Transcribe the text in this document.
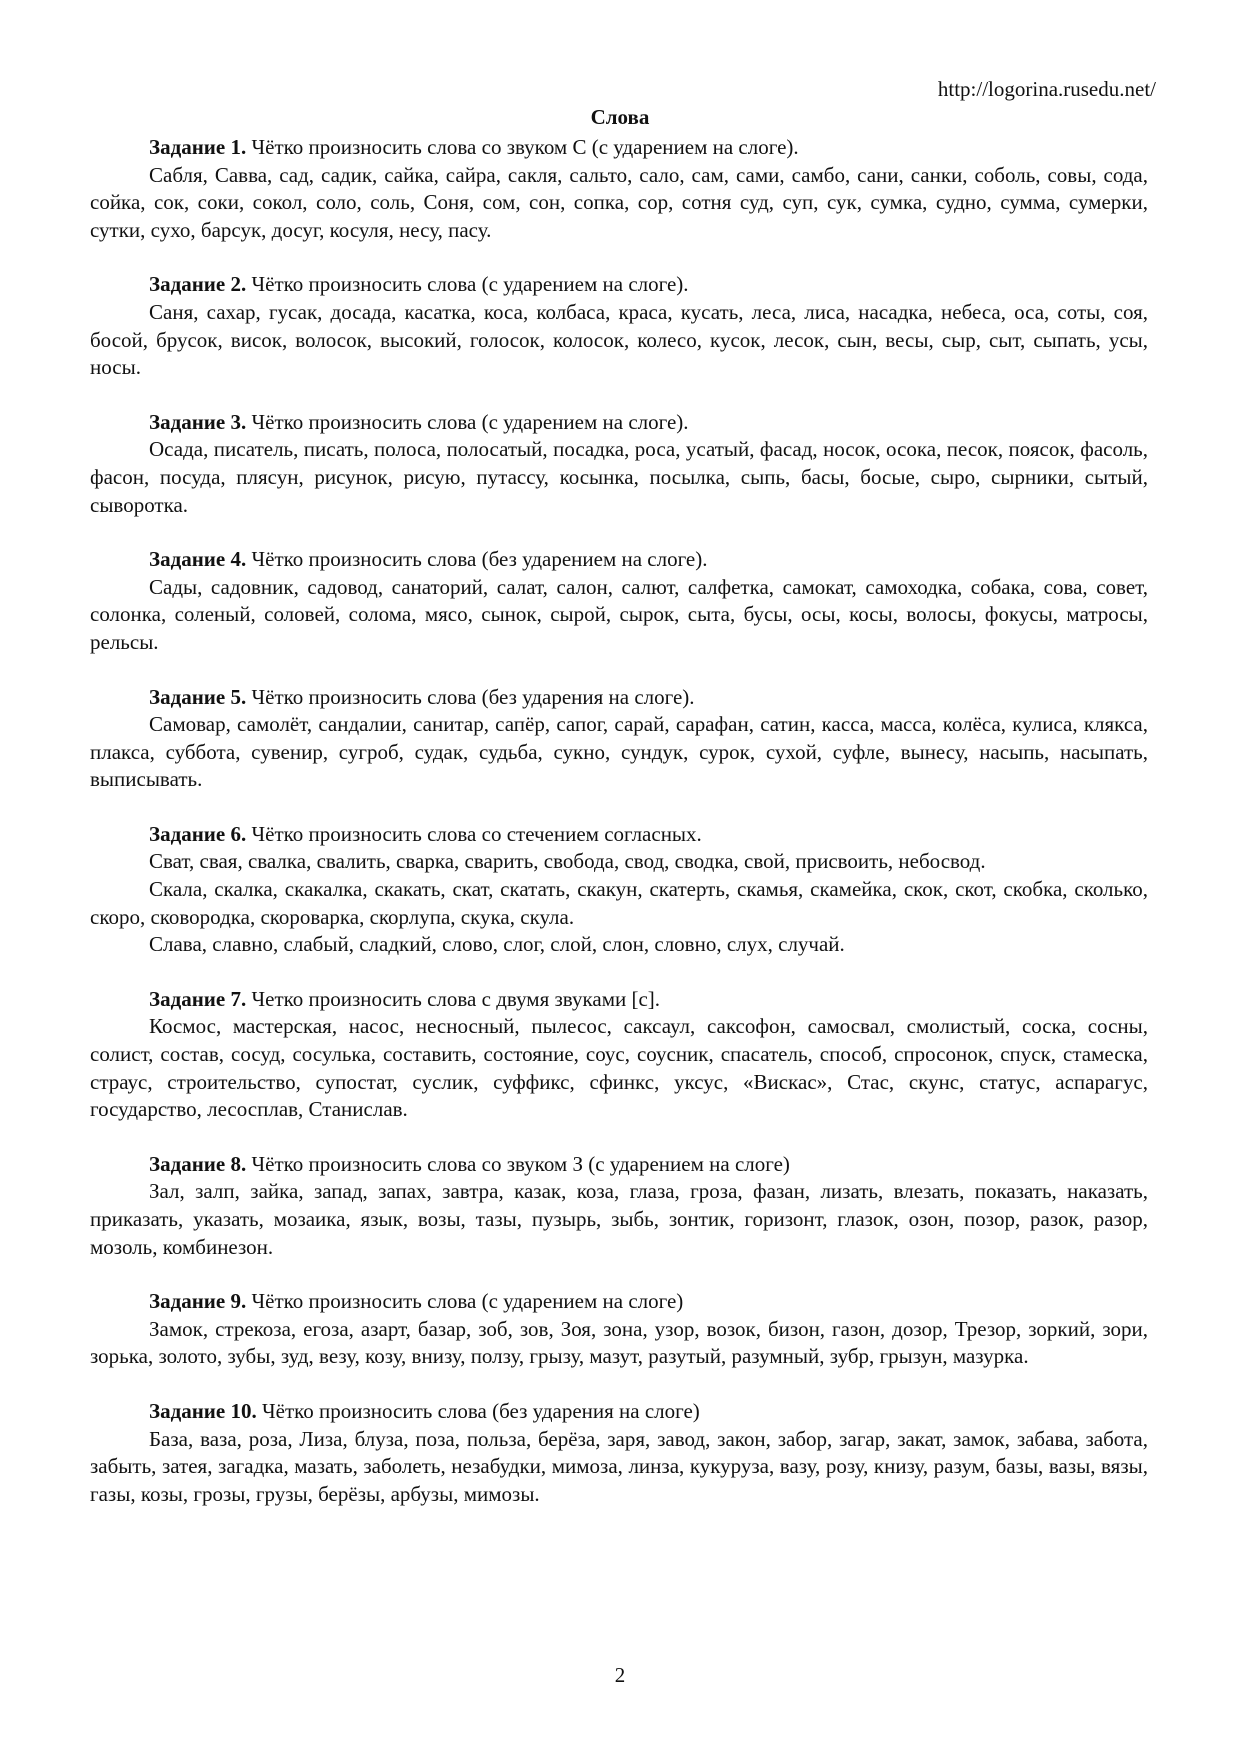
http://logorina.rusedu.net/
Слова
Задание 1. Чётко произносить слова со звуком С (с ударением на слоге).

Сабля, Савва, сад, садик, сайка, сайра, сакля, сальто, сало, сам, сами, самбо, сани, санки, соболь, совы, сода, сойка, сок, соки, сокол, соло, соль, Соня, сом, сон, сопка, сор, сотня суд, суп, сук, сумка, судно, сумма, сумерки, сутки, сухо, барсук, досуг, косуля, несу, пасу.

Задание 2. Чётко произносить слова (с ударением на слоге).

Саня, сахар, гусак, досада, касатка, коса, колбаса, краса, кусать, леса, лиса, насадка, небеса, оса, соты, соя, босой, брусок, висок, волосок, высокий, голосок, колосок, колесо, кусок, лесок, сын, весы, сыр, сыт, сыпать, усы, носы.

Задание 3. Чётко произносить слова (с ударением на слоге).

Осада, писатель, писать, полоса, полосатый, посадка, роса, усатый, фасад, носок, осока, песок, поясок, фасоль, фасон, посуда, плясун, рисунок, рисую, путассу, косынка, посылка, сыпь, басы, босые, сыро, сырники, сытый, сыворотка.

Задание 4. Чётко произносить слова (без ударением на слоге).

Сады, садовник, садовод, санаторий, салат, салон, салют, салфетка, самокат, самоходка, собака, сова, совет, солонка, соленый, соловей, солома, мясо, сынок, сырой, сырок, сыта, бусы, осы, косы, волосы, фокусы, матросы, рельсы.

Задание 5. Чётко произносить слова (без ударения на слоге).

Самовар, самолёт, сандалии, санитар, сапёр, сапог, сарай, сарафан, сатин, касса, масса, колёса, кулиса, клякса, плакса, суббота, сувенир, сугроб, судак, судьба, сукно, сундук, сурок, сухой, суфле, вынесу, насыпь, насыпать, выписывать.

Задание 6. Чётко произносить слова со стечением согласных.

Сват, свая, свалка, свалить, сварка, сварить, свобода, свод, сводка, свой, присвоить, небосвод.

Скала, скалка, скакалка, скакать, скат, скатать, скакун, скатерть, скамья, скамейка, скок, скот, скобка, сколько, скоро, сковородка, скороварка, скорлупа, скука, скула.

Слава, славно, слабый, сладкий, слово, слог, слой, слон, словно, слух, случай.

Задание 7. Четко произносить слова с двумя звуками [с].

Космос, мастерская, насос, несносный, пылесос, саксаул, саксофон, самосвал, смолистый, соска, сосны, солист, состав, сосуд, сосулька, составить, состояние, соус, соусник, спасатель, способ, спросонок, спуск, стамеска, страус, строительство, супостат, суслик, суффикс, сфинкс, уксус, «Вискас», Стас, скунс, статус, аспарагус, государство, лесосплав, Станислав.

Задание 8. Чётко произносить слова со звуком З (с ударением на слоге)

Зал, залп, зайка, запад, запах, завтра, казак, коза, глаза, гроза, фазан, лизать, влезать, показать, наказать, приказать, указать, мозаика, язык, возы, тазы, пузырь, зыбь, зонтик, горизонт, глазок, озон, позор, разок, разор, мозоль, комбинезон.

Задание 9. Чётко произносить слова (с ударением на слоге)

Замок, стрекоза, егоза, азарт, базар, зоб, зов, Зоя, зона, узор, возок, бизон, газон, дозор, Трезор, зоркий, зори, зорька, золото, зубы, зуд, везу, козу, внизу, ползу, грызу, мазут, разутый, разумный, зубр, грызун, мазурка.

Задание 10. Чётко произносить слова (без ударения на слоге)

База, ваза, роза, Лиза, блуза, поза, польза, берёза, заря, завод, закон, забор, загар, закат, замок, забава, забота, забыть, затея, загадка, мазать, заболеть, незабудки, мимоза, линза, кукуруза, вазу, розу, книзу, разум, базы, вазы, вязы, газы, козы, грозы, грузы, берёзы, арбузы, мимозы.

2
